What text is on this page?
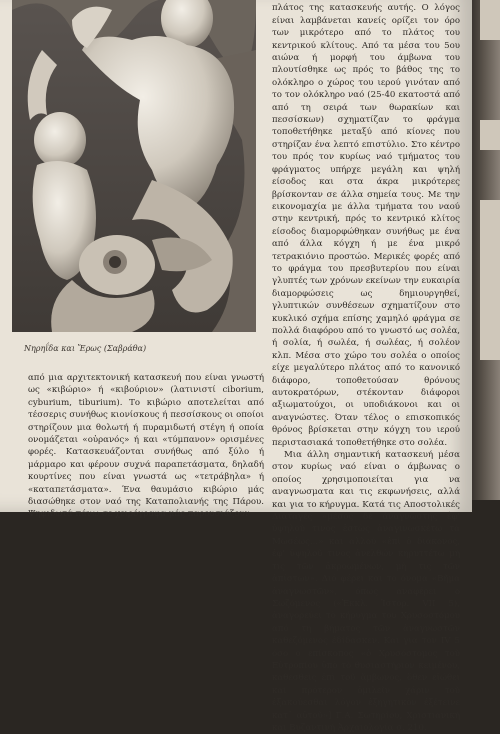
Νηρηΐδα και Ἔρως (Σαβράθα)

από μια αρχιτεκτονική κατασκευή που είναι γνωστή ως «κιβώριο» ή «κιβούριον» (λατινιστί ciborium, cyburium, tiburium). Το κιβώριο αποτελείται από τέσσερις συνήθως κιονίσκους ή πεσσίσκους οι οποίοι στηρίζουν μια θολωτή ή πυραμιδωτή στέγη ή οποία ονομάζεται «οὐρανός» ή και «τύμπανον» ορισμένες φορές. Κατασκευάζονται συνήθως από ξύλο ή μάρμαρο και φέρουν συχνά παραπετάσματα, δηλαδή κουρτίνες που είναι γνωστά ως «τετράβηλα» ή «καταπετάσματα». Ένα θαυμάσιο κιβώριο μάς διασώθηκε στον ναό της Καταπολιανής της Πάρου. Ψηφιδωτά πάνω σε χειρόγραφα μάς παρουσιάζουν

πλάτος της κατασκευής αυτής. Ο λόγος είναι λαμβάνεται κανείς ορίζει τον όρο των μικρότερο από το πλάτος του κεντρικού κλίτους. Από τα μέσα του 5ου αιώνα ή μορφή του άμβωνα του πλουτίσθηκε ως πρός το βάθος της το ολόκληρο ο χώρος του ιερού γινόταν από το τον ολόκληρο ναό (25-40 εκατοστά από από τη σειρά των θωρακίων και πεσσίσκων) σχηματίζαν το φράγμα τοποθετήθηκε μεταξύ από κίονες που στηρίζαν ένα λεπτό επιστύλιο. Στο κέντρο του πρός τον κυρίως ναό τμήματος του φράγματος υπήρχε μεγάλη και ψηλή είσοδος και στα άκρα μικρότερες βρίσκονταν σε άλλα σημεία τους. Με την εικονομαχία με άλλα τμήματα του ναού στην κεντρική, πρός το κεντρικό κλίτος είσοδος διαμορφώθηκαν συνήθως με ένα από άλλα κόγχη ή με ένα μικρό τετρακιόνιο προστώο. Μερικές φορές από το φράγμα του πρεσβυτερίου που είναι γλυπτές των χρόνων εκείνων την ευκαιρία διαμορφώσεις ως δημιουργηθεί, γλυπτικών συνθέσεων σχηματίζουν στο κυκλικό σχήμα επίσης χαμηλό φράγμα σε πολλά διαφόρου από το γνωστό ως σολέα, ή σολία, ή σωλέα, ή σωλέας, ή σολέον κλπ. Μέσα στο χώρο του σολέα ο οποίος είχε μεγαλύτερο πλάτος από το κανονικό διάφορο, τοποθετούσαν θρόνους αυτοκρατόρων, στέκονταν διάφοροι αξιωματούχοι, οι υποδιάκονοι και οι αναγνώστες. Όταν τέλος ο επισκοπικός θρόνος βρίσκεται στην κόγχη του ιερού περιστασιακά τοποθετήθηκε στο σολέα.

Μια άλλη σημαντική κατασκευή μέσα στον κυρίως ναό είναι ο άμβωνας ο οποίος χρησιμοποιείται για να αναγνωσματα και τις εκφωνήσεις, αλλά και για το κήρυγμα. Κατά τις Αποστολικές Διαταγές «μέσος δὲ ἀναγνώστης ἐφ' ὑψηλοῦ τινος ἑστὼς ἀναγινωσκέτω τὰ Μωσέως...» και αλλού «ἐπὶ ὁ διάκονος, ἐφ' ὑψηλοῦ τινος ἀνελθών κηρυττέτω μὴ τις τῶν ἀκροωμένων, μὴ τις τῶν ἀπίστων». Διό φέρει και το όνομα «Βῆμα ἀναγνωστῶν», όπως αναφέρει ο Σωζόμενος («Ἐκκλ. Ἱστορ. VII 5), ἀναγορεύει τὸ κήρυγμα του Χρυσοστόμου από τη βήματος τῶν ἀναγνωστῶν καθεζόμενος ἐδίδασκεν. Και για τον ΙV 5 όσο ο επίσκοπος «ὁ Χρυσόστομος τοῦ Εὐτροπίου ὑπὸ τὸ θυσιαστήριον κειμένου, καθεσθεὶς ἐπὶ τοῦ ἄμβωνος, ὅθεν εἰώθει καὶ πρότερον ὁμιλεῖν χάριν τοῦ ἐξακούεσθαι λόγον ἐξηγητικὸν ἐξέτεινε κατ᾽ αὐτοῦ»] Γ.Α. Σωτηρίου, Χριστιανική και Βυζαντινή Ἀρχαιολογία σ. 210.
